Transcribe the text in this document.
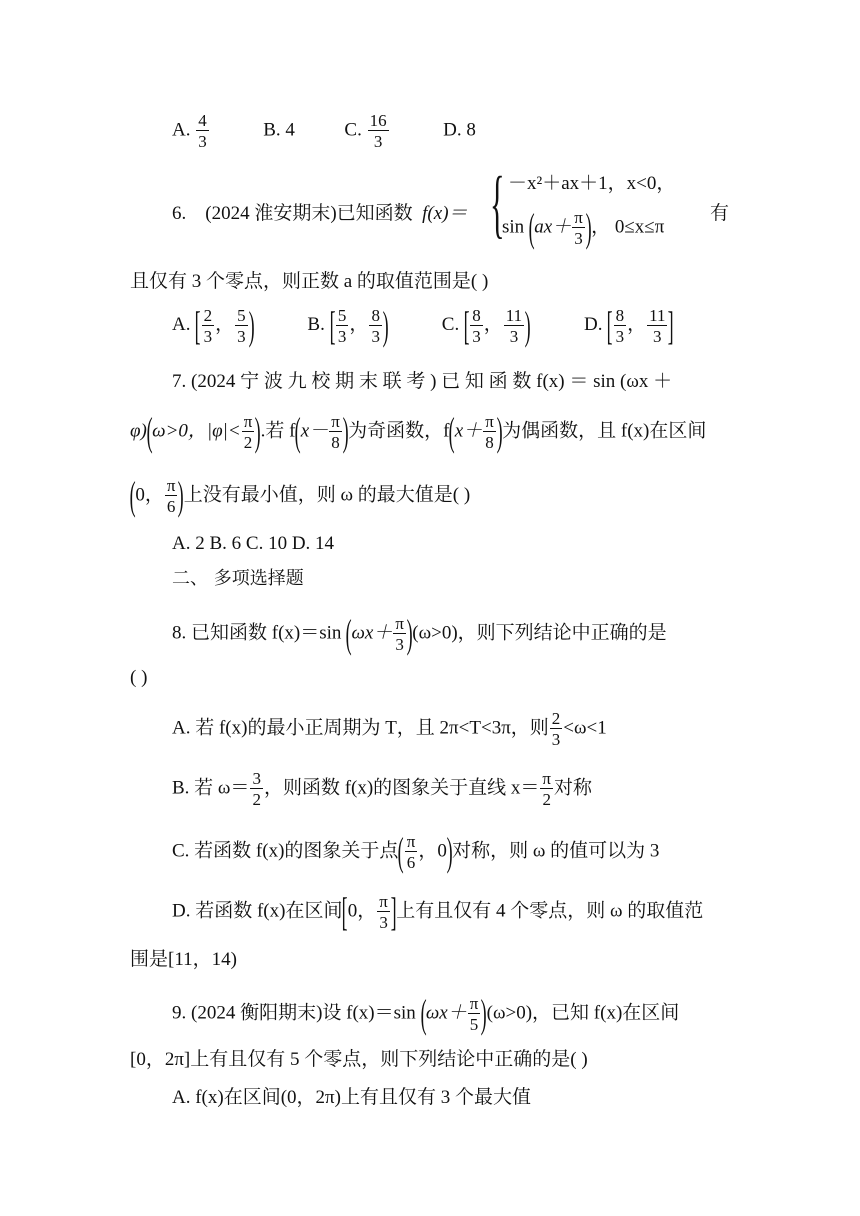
A. $\frac{4}{3}$	B. 4	C. $\frac{16}{3}$	D. 8
6. (2024 淮安期末)已知函数 f(x)＝ { －x²＋ax＋1，x<0，
$\sin (ax+ \frac{\pi}{3}$ )， 0≤x≤π
有
且仅有 3 个零点，则正数 a 的取值范围是( )
A. [ $\frac{2}{3}$ ， $\frac{5}{3}$ )	B. [ $\frac{5}{3}$ ， $\frac{8}{3}$ )	C. [ $\frac{8}{3}$ ， $\frac{11}{3}$ )	D. [ $\frac{8}{3}$ ， $\frac{11}{3}$ ]
7. (2024 宁 波 九 校 期 末 联 考 ) 已 知 函 数 f(x) ＝ sin (ωx ＋
φ)(ω>0，$|\varphi|< \frac{\pi}{2}$ ).若 $f(x- \frac{\pi}{8}$ )为奇函数，$f(x+ \frac{\pi}{8}$ )为偶函数，且 f(x)在区间
(0， $\frac{\pi}{6}$ )上没有最小值，则 ω 的最大值是( )
A. 2 B. 6 C. 10 D. 14
二、 多项选择题
8. 已知函数 f(x)＝sin $(\omega x+ \frac{\pi}{3} )(\omega>0)$，则下列结论中正确的是
( )
A. 若 f(x)的最小正周期为 T，且 2π<T<3π，则 $\frac{2}{3} <\omega<1$
B. 若 $\omega= \frac{3}{2}$ ，则函数 f(x)的图象关于直线 $x= \frac{\pi}{2}$ 对称
C. 若函数 f(x)的图象关于点( $\frac{\pi}{6}$ ，0)对称，则 ω 的值可以为 3
D. 若函数 f(x)在区间[0， $\frac{\pi}{3}$ ]上有且仅有 4 个零点，则 ω 的取值范
围是[11，14)
9. (2024 衡阳期末)设 f(x)＝sin $(\omega x+ \frac{\pi}{5} )(\omega>0)$，已知 f(x)在区间
[0，2π]上有且仅有 5 个零点，则下列结论中正确的是( )
A. f(x)在区间(0，2π)上有且仅有 3 个最大值
